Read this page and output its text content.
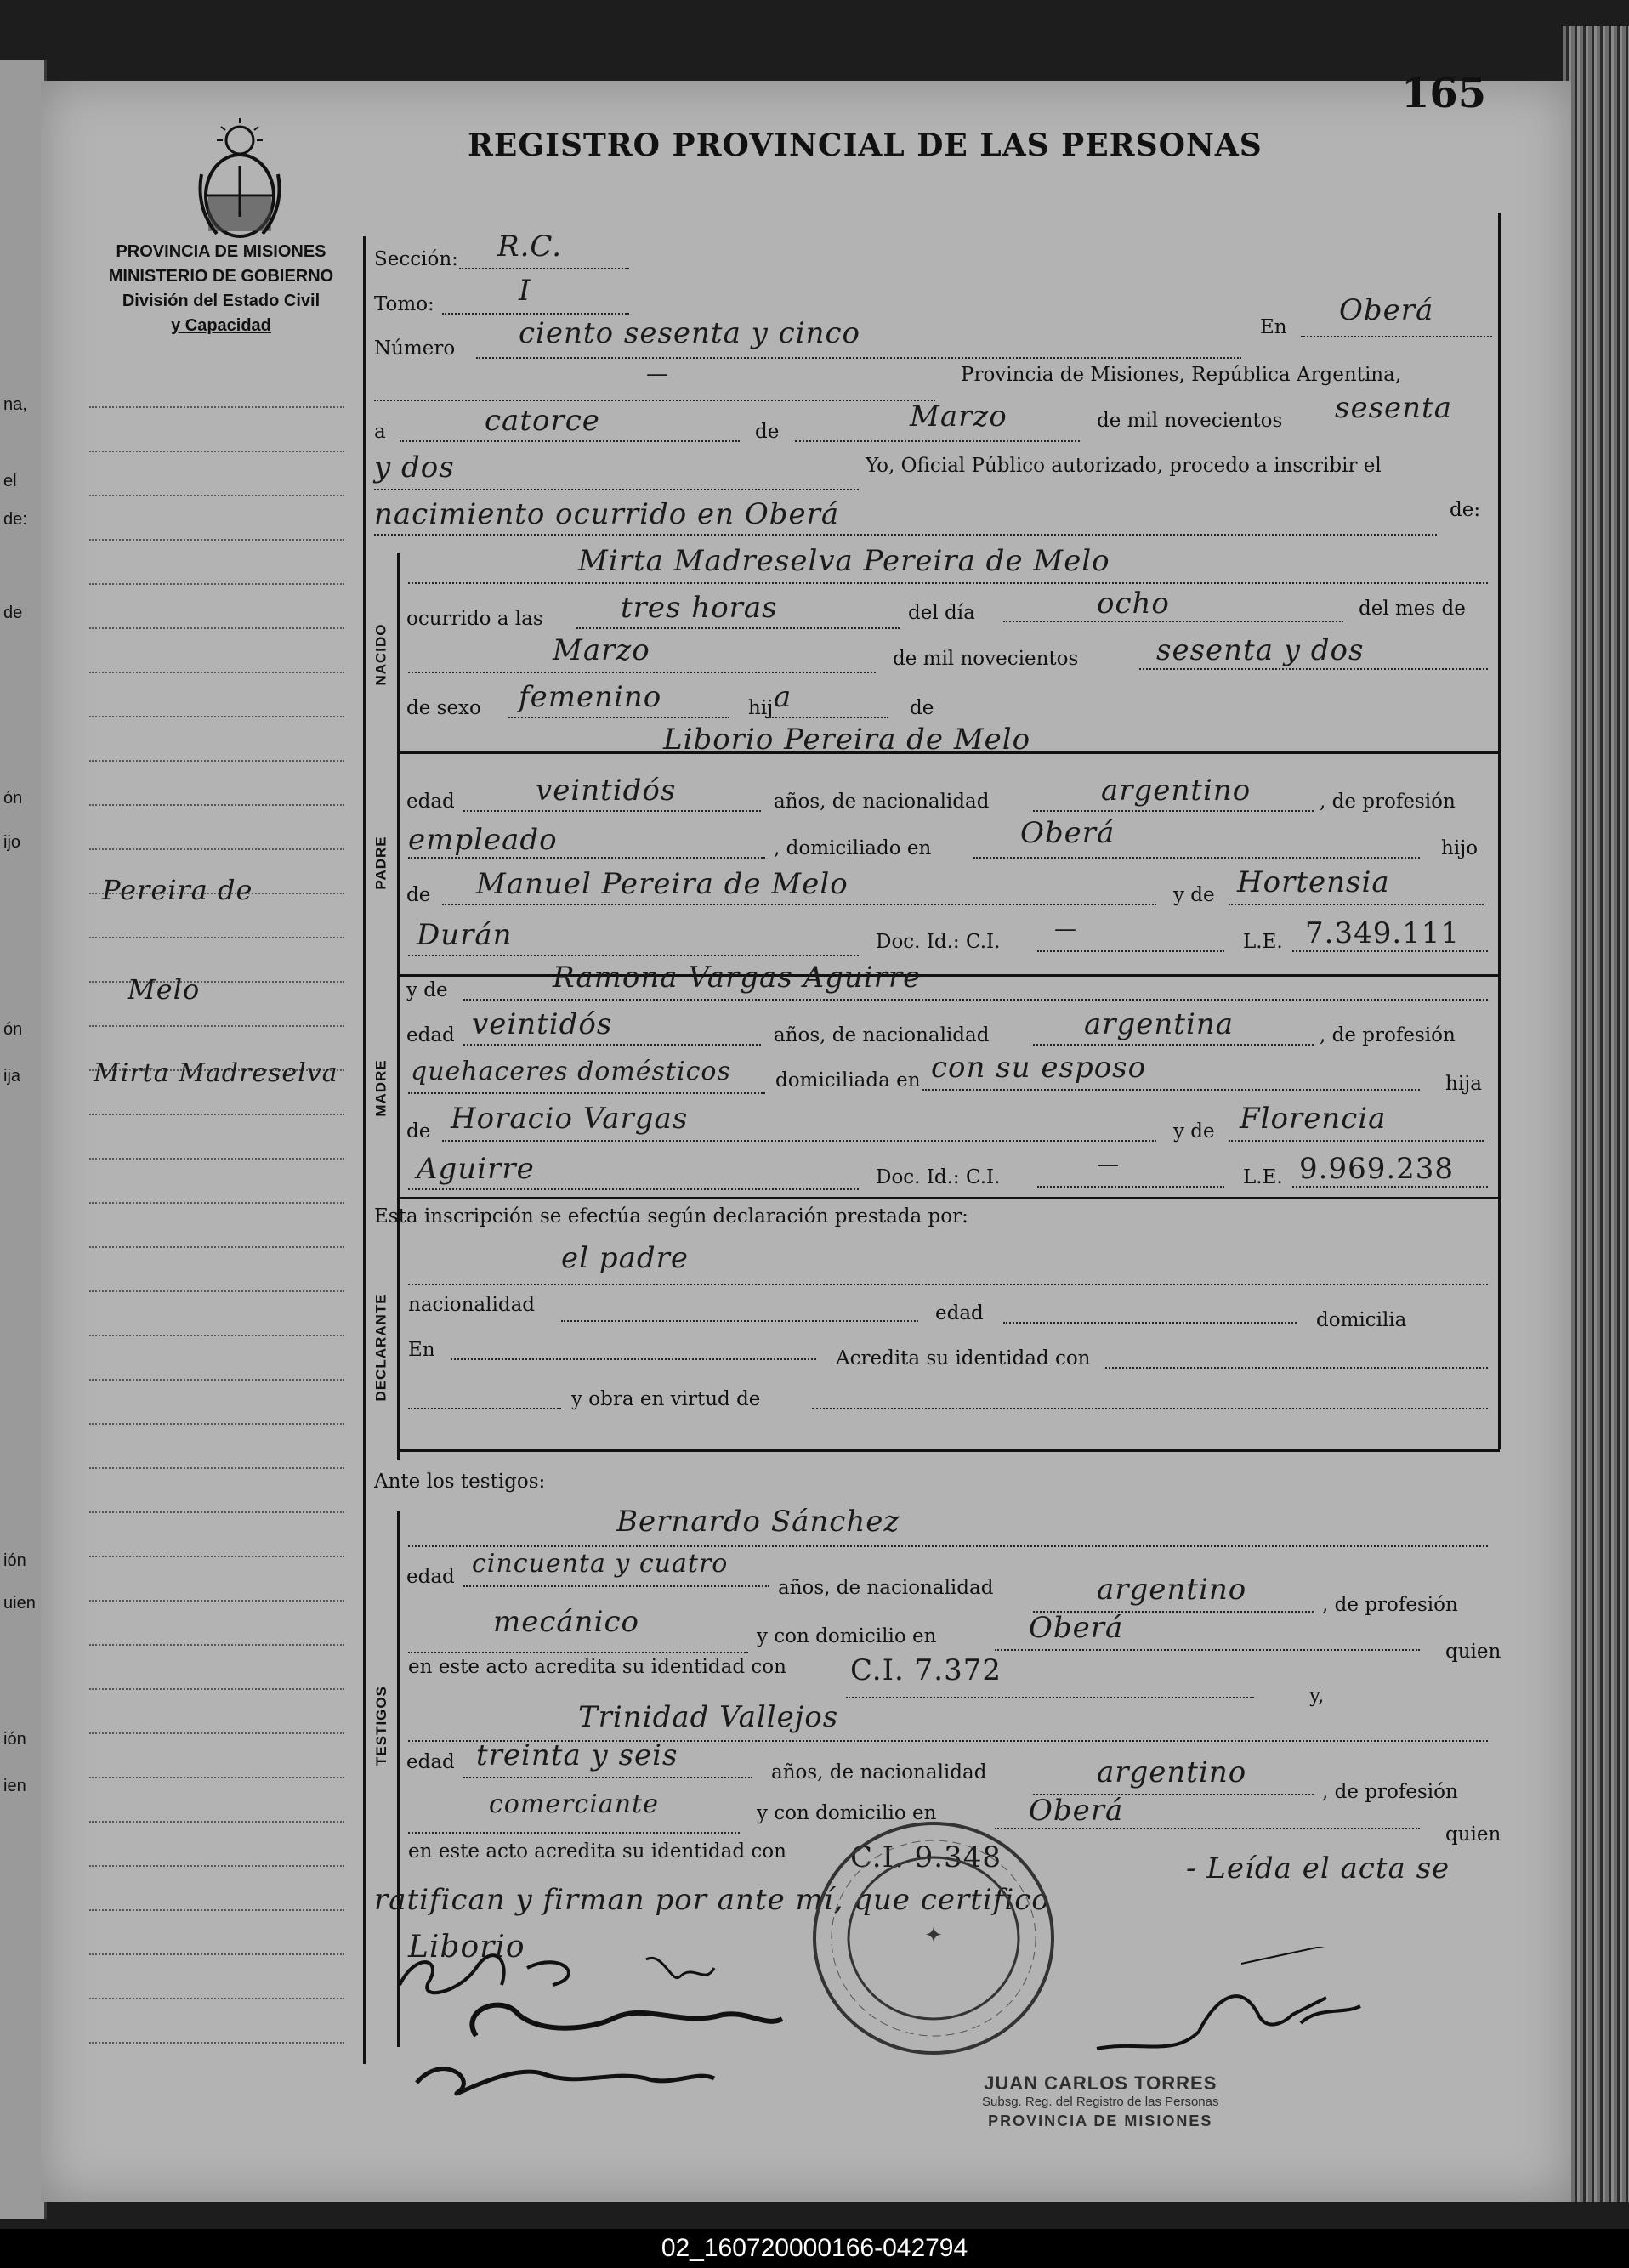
na,
el
de:
de
ón
ijo
ón
ija
ión
uien
ión
ien
165
REGISTRO PROVINCIAL DE LAS PERSONAS
PROVINCIA DE MISIONES
MINISTERIO DE GOBIERNO
División del Estado Civil
y Capacidad
Pereira de
Melo
Mirta Madreselva
NACIDO
PADRE
MADRE
DECLARANTE
TESTIGOS
Sección: R.C.
Tomo:	I
Número ciento sesenta y cinco	En Oberá
—	Provincia de Misiones, República Argentina,
a	catorce	de	Marzo	de mil novecientos sesenta
y dos	Yo, Oficial Público autorizado, procedo a inscribir el
nacimiento ocurrido en Oberá	de:
Mirta Madreselva Pereira de Melo
ocurrido a las	tres horas	del día	ocho	del mes de
Marzo	de mil novecientos	sesenta y dos
de sexo femenino	hij a	de
Liborio Pereira de Melo
edad	veintidós	años, de nacionalidad	argentino	, de profesión
empleado	, domiciliado en	Oberá	hijo
de Manuel Pereira de Melo	y de Hortensia
Durán	Doc. Id.: C.I. —	L.E. 7.349.111
y de	Ramona Vargas Aguirre
edad veintidós	años, de nacionalidad	argentina	, de profesión
quehaceres domésticos domiciliada en con su esposo	hija
de Horacio Vargas	y de Florencia
Aguirre	Doc. Id.: C.I.	—	L.E. 9.969.238
Esta inscripción se efectúa según declaración prestada por:
el padre
nacionalidad	edad	domicilia
En	Acredita su identidad con
y obra en virtud de
Ante los testigos:
Bernardo Sánchez
edad cincuenta y cuatro
años, de nacionalidad	argentino	, de profesión
mecánico	y con domicilio en	Oberá
quien
en este acto acredita su identidad con C.I. 7.372
y,
Trinidad Vallejos
edad treinta y seis	años, de nacionalidad	argentino
, de profesión
comerciante	y con domicilio en	Oberá
quien
en este acto acredita su identidad con C.I. 9.348	- Leída el acta se
ratifican y firman por ante mí, que certifico
✦
Liborio
JUAN CARLOS TORRES
Subsg. Reg. del Registro de las Personas
PROVINCIA DE MISIONES
02_160720000166-042794
